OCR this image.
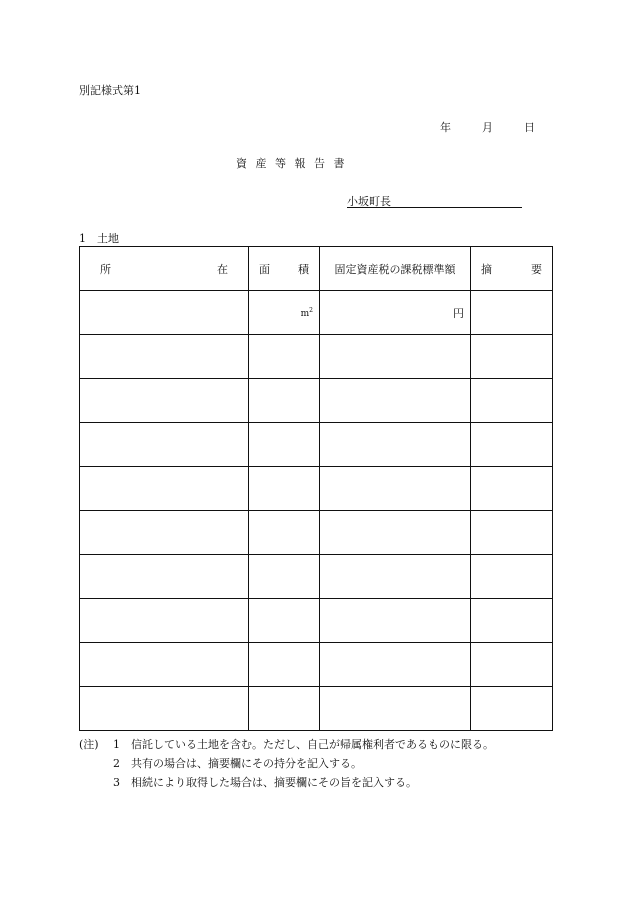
別記様式第1
年	月	日
資産等報告書
小坂町長
1　土地
所 在	面 積	固定資産税の課税標準額	摘 要

	$m^2$	円	

(注)	1	信託している土地を含む。ただし、自己が帰属権利者であるものに限る。
2	共有の場合は、摘要欄にその持分を記入する。
3	相続により取得した場合は、摘要欄にその旨を記入する。
